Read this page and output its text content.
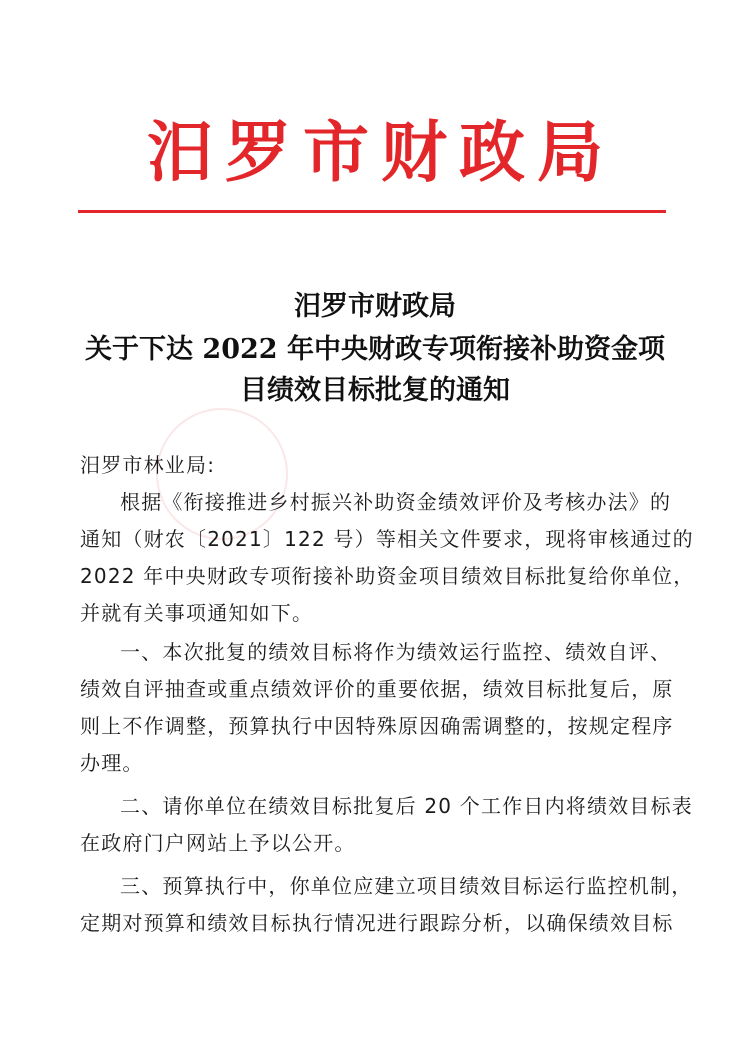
汨罗市财政局
汨罗市财政局
关于下达 2022 年中央财政专项衔接补助资金项
目绩效目标批复的通知
汨罗市林业局:
根据《衔接推进乡村振兴补助资金绩效评价及考核办法》的
通知（财农〔2021〕122 号）等相关文件要求，现将审核通过的
2022 年中央财政专项衔接补助资金项目绩效目标批复给你单位，
并就有关事项通知如下。
一、本次批复的绩效目标将作为绩效运行监控、绩效自评、
绩效自评抽查或重点绩效评价的重要依据，绩效目标批复后，原
则上不作调整，预算执行中因特殊原因确需调整的，按规定程序
办理。
二、请你单位在绩效目标批复后 20 个工作日内将绩效目标表
在政府门户网站上予以公开。
三、预算执行中，你单位应建立项目绩效目标运行监控机制，
定期对预算和绩效目标执行情况进行跟踪分析，以确保绩效目标
